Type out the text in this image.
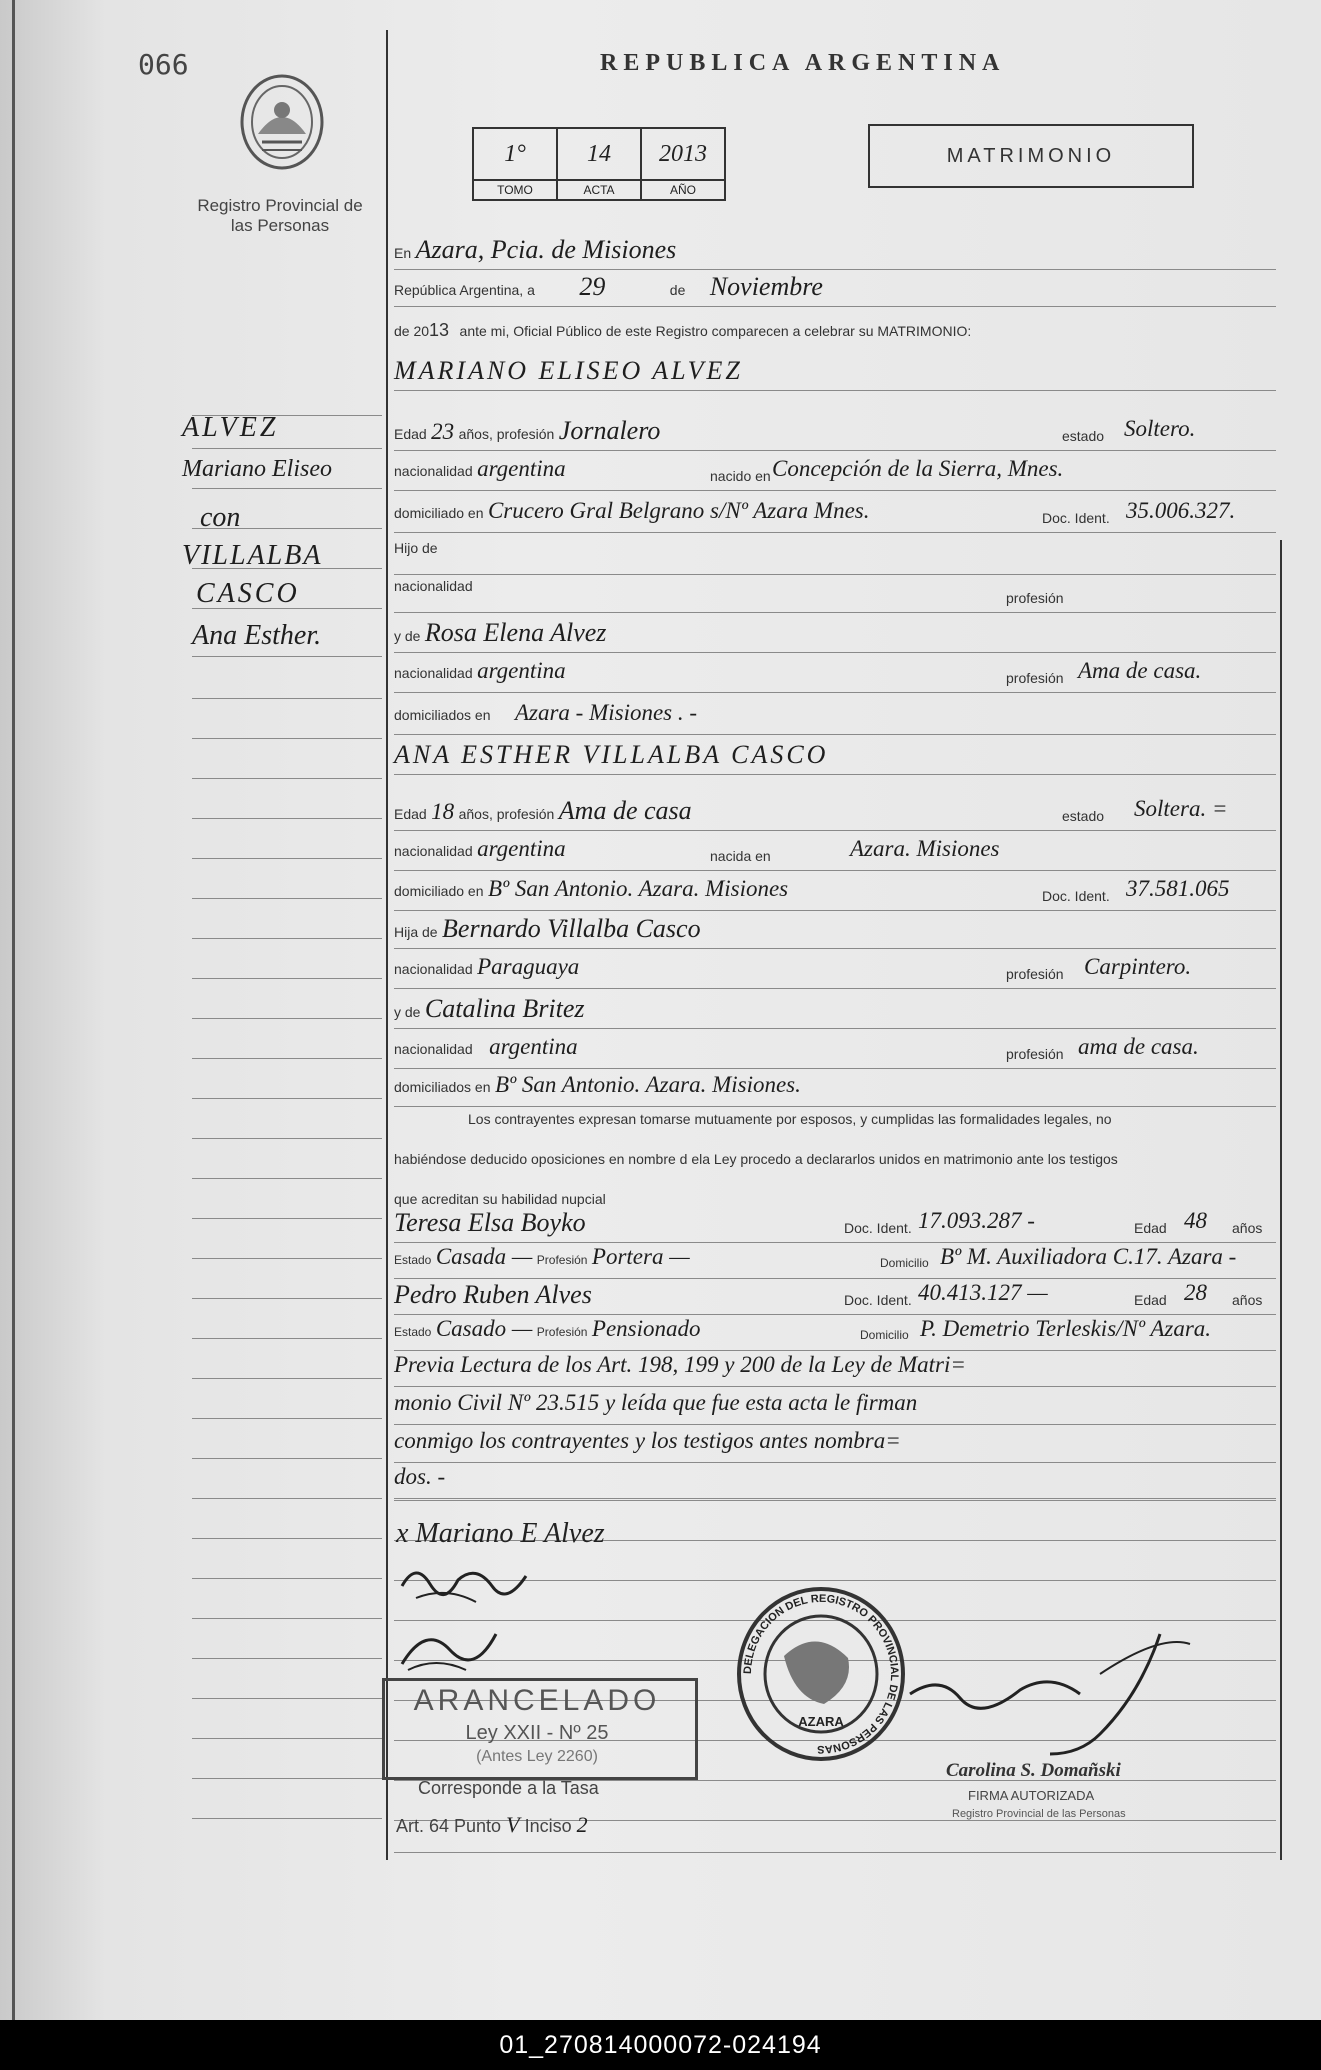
066	REPUBLICA ARGENTINA
Registro Provincial de las Personas
1°	14	2013
TOMO	ACTA	AÑO
MATRIMONIO
En Azara, Pcia. de Misiones
República Argentina, a 29	de Noviembre
de 2013 ante mi, Oficial Público de este Registro comparecen a celebrar su MATRIMONIO:
MARIANO ELISEO ALVEZ
Edad 23 años, profesión Jornalero	estado Soltero.
nacionalidad argentina	nacido en Concepción de la Sierra, Mnes.
domiciliado en Crucero Gral Belgrano s/Nº Azara Mnes.	Doc. Ident. 35.006.327.
Hijo de
nacionalidad
profesión
y de Rosa Elena Alvez
nacionalidad argentina	profesión Ama de casa.
domiciliados en Azara - Misiones . -
ANA ESTHER VILLALBA CASCO
Edad 18 años, profesión Ama de casa	estado Soltera. =
nacionalidad argentina	nacida en	Azara. Misiones
domiciliado en Bº San Antonio. Azara. Misiones	Doc. Ident. 37.581.065
Hija de Bernardo Villalba Casco
nacionalidad Paraguaya	profesión Carpintero.
y de Catalina Britez
nacionalidad argentina	profesión ama de casa.
domiciliados en Bº San Antonio. Azara. Misiones.
Los contrayentes expresan tomarse mutuamente por esposos, y cumplidas las formalidades legales, no
habiéndose deducido oposiciones en nombre d ela Ley procedo a declararlos unidos en matrimonio ante los testigos
que acreditan su habilidad nupcial
Teresa Elsa Boyko	Doc. Ident. 17.093.287 -	Edad 48 años
Estado Casada — Profesión Portera —	Domicilio Bº M. Auxiliadora C.17. Azara -
Pedro Ruben Alves	Doc. Ident. 40.413.127 —	Edad 28 años
Estado Casado — Profesión Pensionado	Domicilio P. Demetrio Terleskis/Nº Azara.
Previa Lectura de los Art. 198, 199 y 200 de la Ley de Matri=
monio Civil Nº 23.515 y leída que fue esta acta le firman
conmigo los contrayentes y los testigos antes nombra=
dos. -
x Mariano E Alvez
ARANCELADO
Ley XXII - Nº 25
(Antes Ley 2260)
Corresponde a la Tasa
Art. 64 Punto V Inciso 2
DELEGACION DEL REGISTRO PROVINCIAL DE LAS PERSONAS
AZARA
Carolina S. Domañski
FIRMA AUTORIZADA
Registro Provincial de las Personas
ALVEZ
Mariano Eliseo
con
VILLALBA
CASCO
Ana Esther.
01_270814000072-024194
